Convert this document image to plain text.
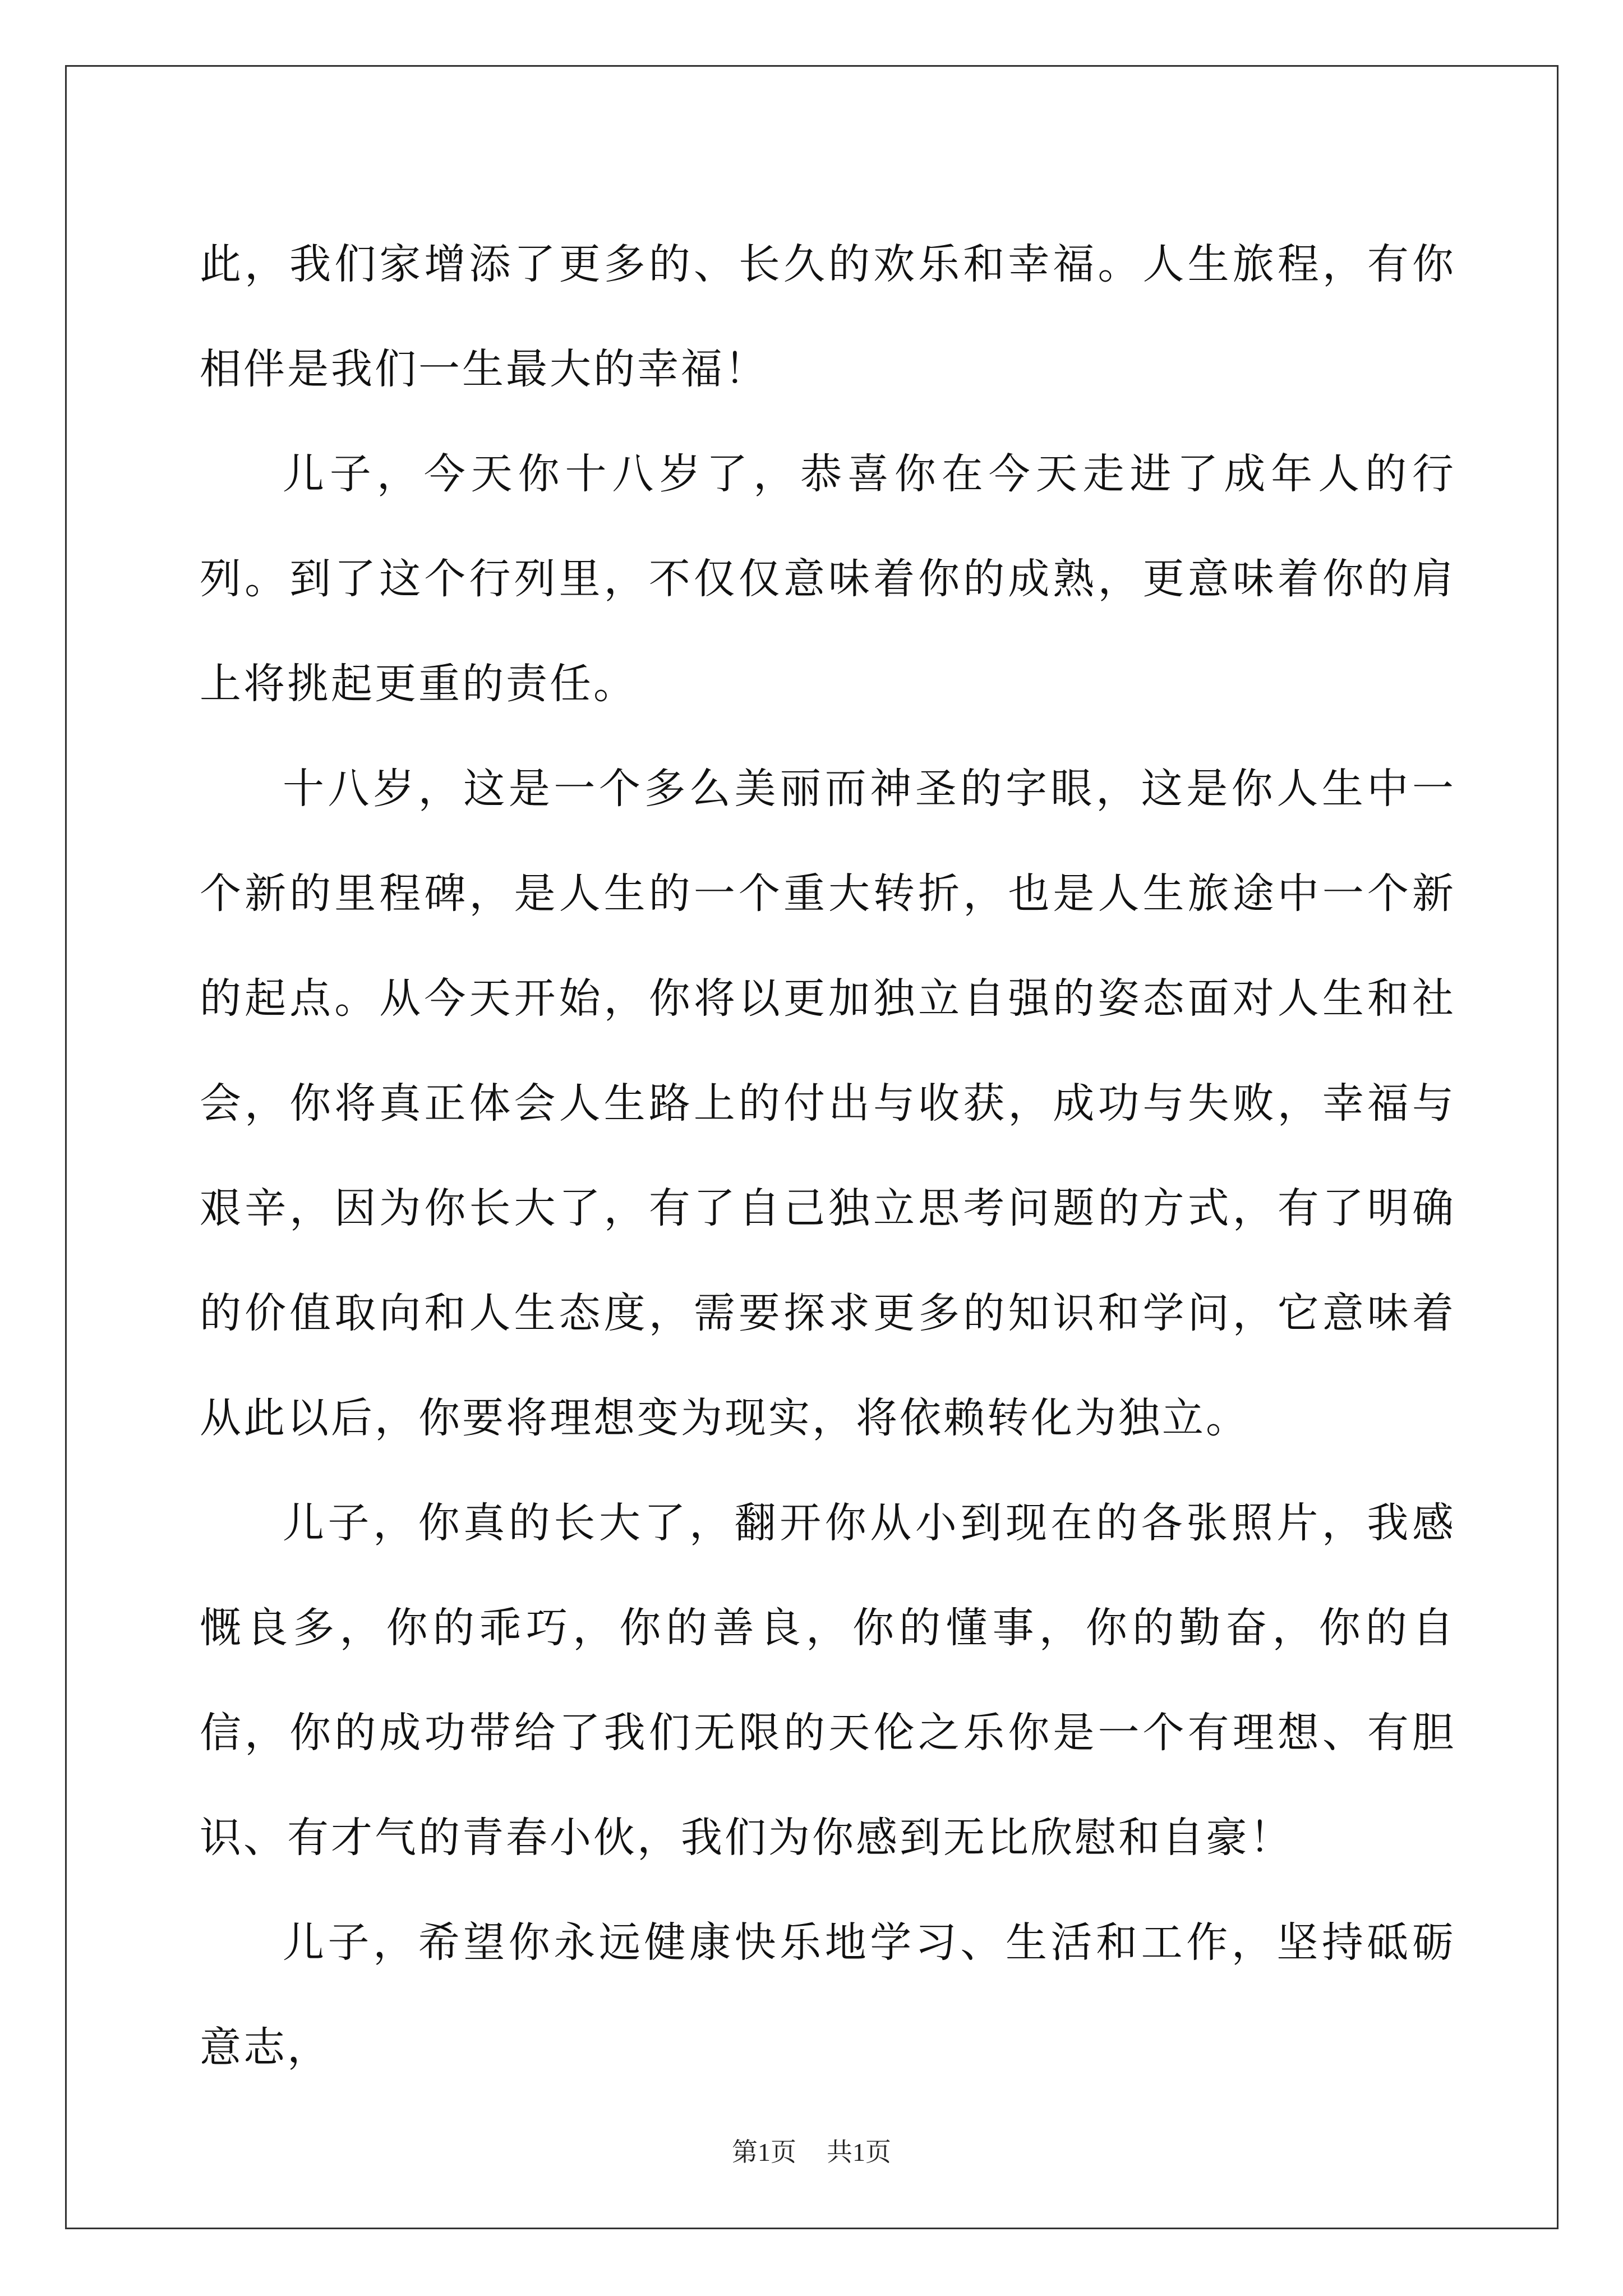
此，我们家增添了更多的、长久的欢乐和幸福。人生旅程，有你相伴是我们一生最大的幸福！

儿子，今天你十八岁了，恭喜你在今天走进了成年人的行列。到了这个行列里，不仅仅意味着你的成熟，更意味着你的肩上将挑起更重的责任。

十八岁，这是一个多么美丽而神圣的字眼，这是你人生中一个新的里程碑，是人生的一个重大转折，也是人生旅途中一个新的起点。从今天开始，你将以更加独立自强的姿态面对人生和社会，你将真正体会人生路上的付出与收获，成功与失败，幸福与艰辛，因为你长大了，有了自己独立思考问题的方式，有了明确的价值取向和人生态度，需要探求更多的知识和学问，它意味着从此以后，你要将理想变为现实，将依赖转化为独立。

儿子，你真的长大了，翻开你从小到现在的各张照片，我感慨良多，你的乖巧，你的善良，你的懂事，你的勤奋，你的自信，你的成功带给了我们无限的天伦之乐你是一个有理想、有胆识、有才气的青春小伙，我们为你感到无比欣慰和自豪！

儿子，希望你永远健康快乐地学习、生活和工作，坚持砥砺意志，

第1页 共1页
